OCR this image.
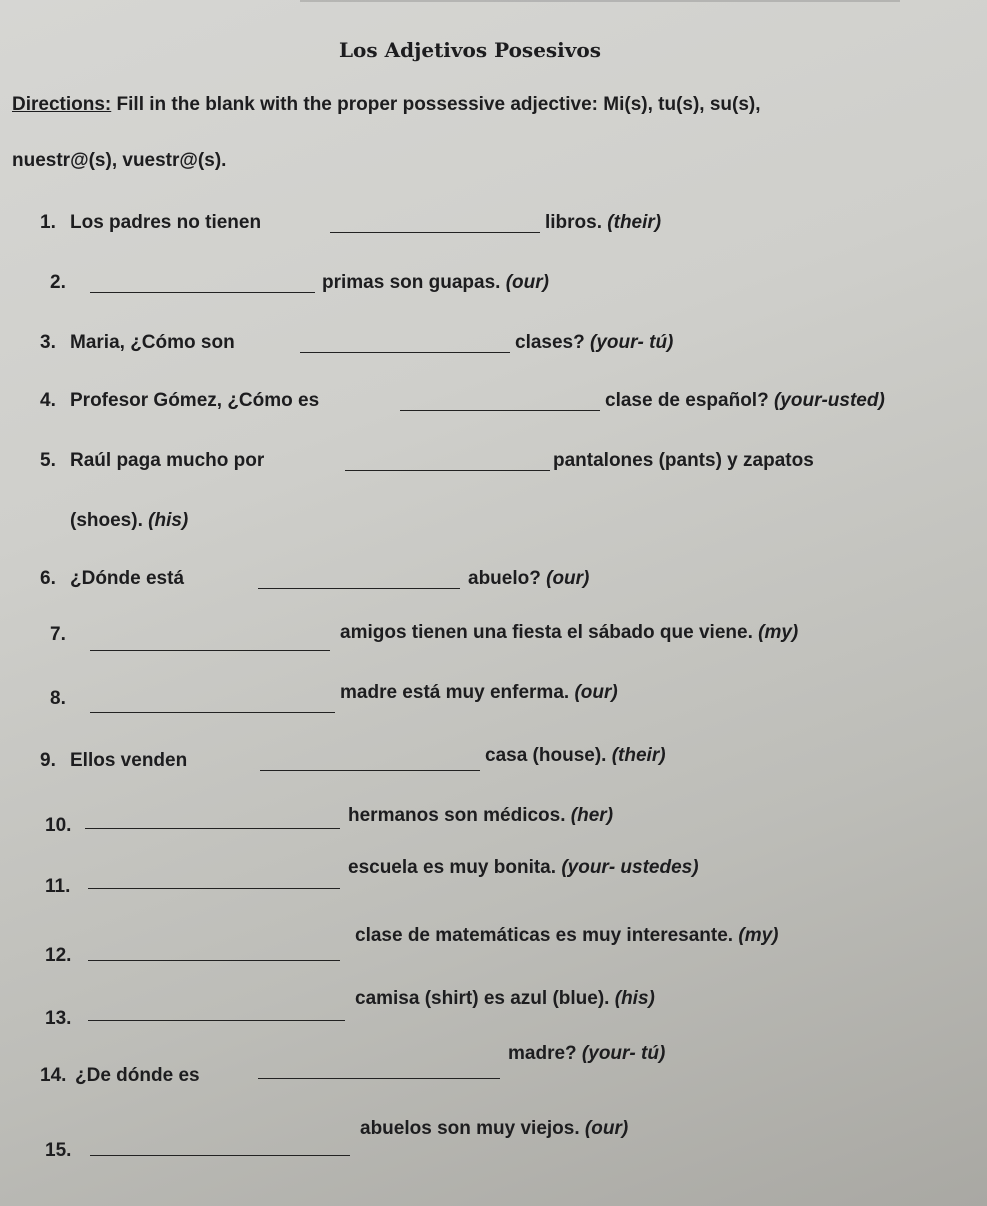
Los Adjetivos Posesivos
Directions: Fill in the blank with the proper possessive adjective: Mi(s), tu(s), su(s),
nuestr@(s), vuestr@(s).
1. Los padres no tienen	libros. (their)
2.	primas son guapas. (our)
3. Maria, ¿Cómo son	clases? (your- tú)
4. Profesor Gómez, ¿Cómo es	clase de español? (your-usted)
5. Raúl paga mucho por	pantalones (pants) y zapatos
(shoes). (his)
6. ¿Dónde está	abuelo? (our)
7.	amigos tienen una fiesta el sábado que viene. (my)
8.	madre está muy enferma. (our)
9. Ellos venden	casa (house). (their)
10.	hermanos son médicos. (her)
11.
escuela es muy bonita. (your- ustedes)
12.
clase de matemáticas es muy interesante. (my)
13.
camisa (shirt) es azul (blue). (his)
14. ¿De dónde es
madre? (your- tú)
15.
abuelos son muy viejos. (our)
